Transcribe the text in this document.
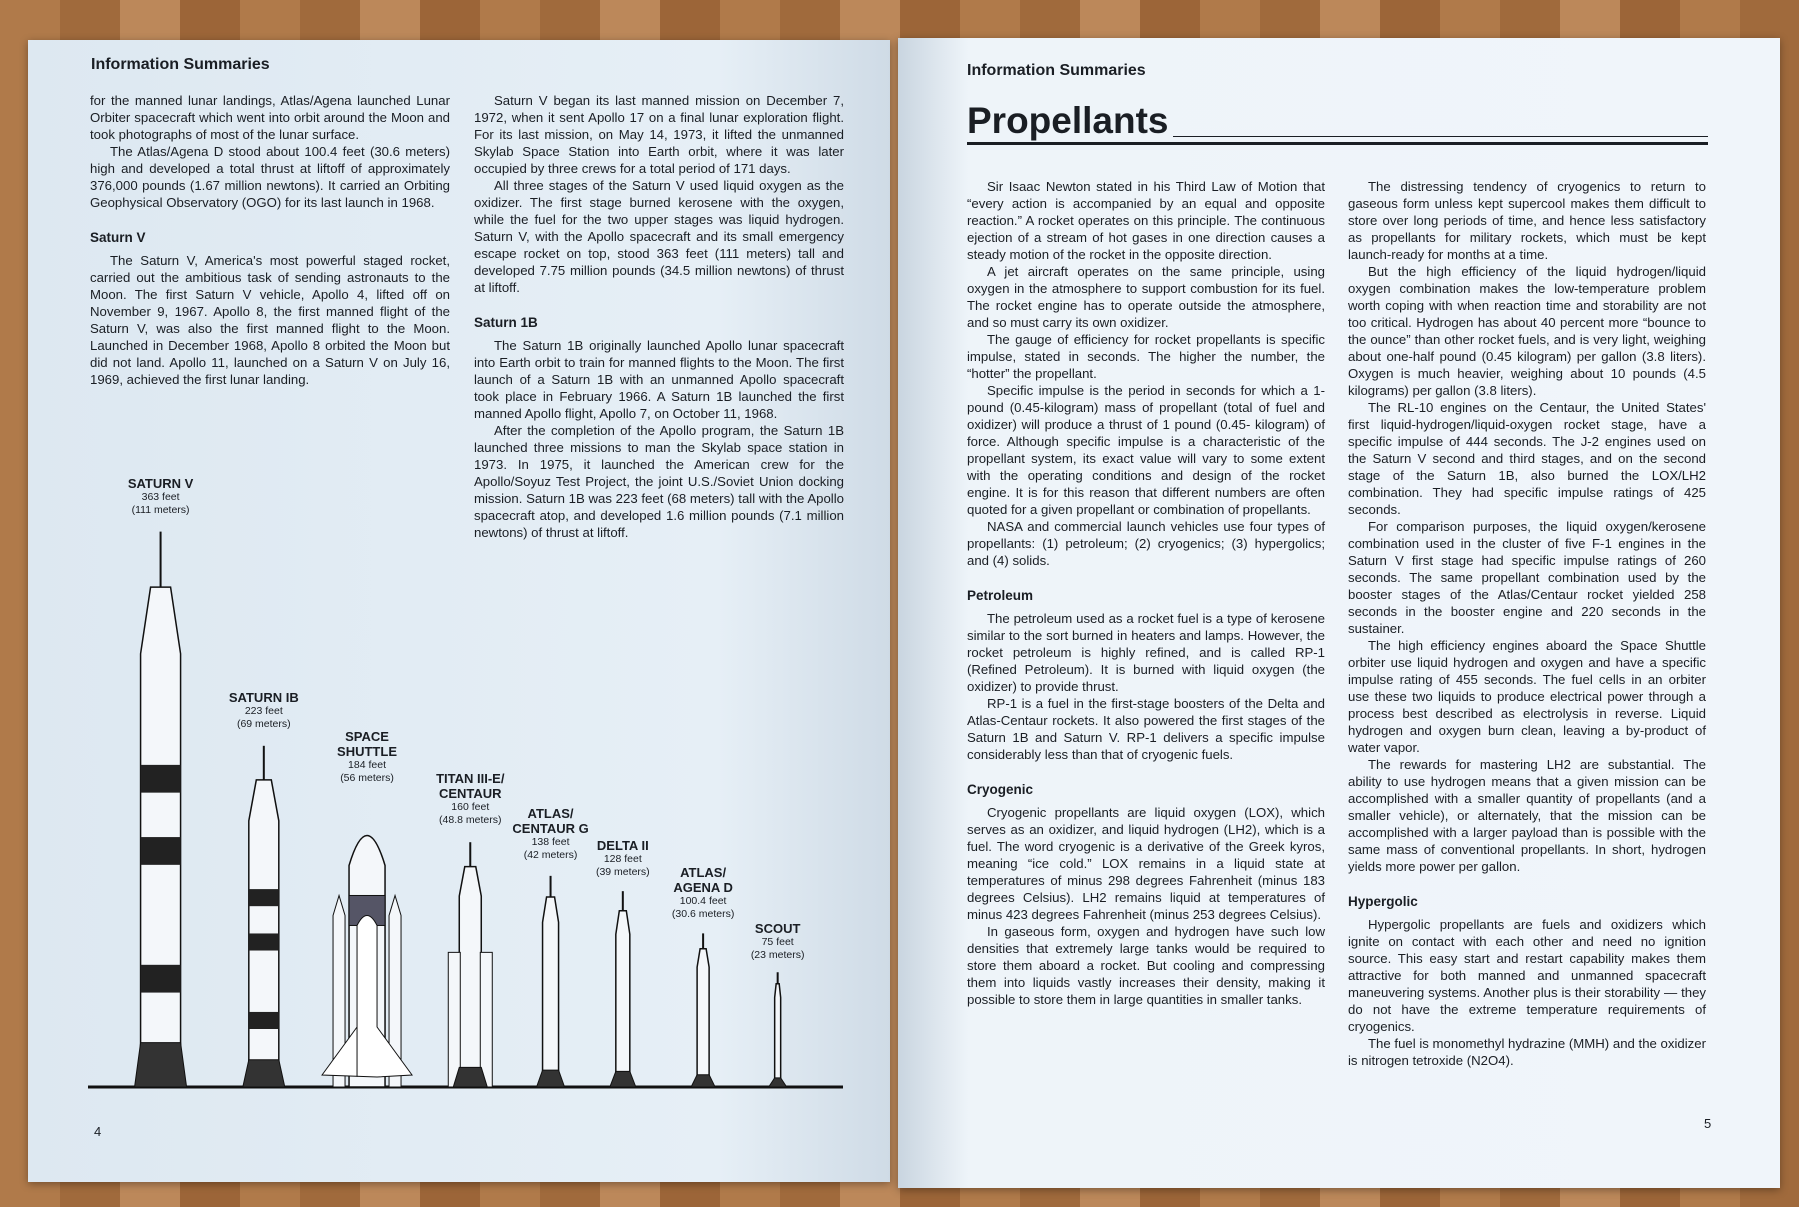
Information Summaries

for the manned lunar landings, Atlas/Agena launched Lunar Orbiter spacecraft which went into orbit around the Moon and took photographs of most of the lunar surface.

The Atlas/Agena D stood about 100.4 feet (30.6 meters) high and developed a total thrust at liftoff of approximately 376,000 pounds (1.67 million newtons). It carried an Orbiting Geophysical Observatory (OGO) for its last launch in 1968.

Saturn V

The Saturn V, America's most powerful staged rocket, carried out the ambitious task of sending astronauts to the Moon. The first Saturn V vehicle, Apollo 4, lifted off on November 9, 1967. Apollo 8, the first manned flight of the Saturn V, was also the first manned flight to the Moon. Launched in December 1968, Apollo 8 orbited the Moon but did not land. Apollo 11, launched on a Saturn V on July 16, 1969, achieved the first lunar landing.

Saturn V began its last manned mission on December 7, 1972, when it sent Apollo 17 on a final lunar exploration flight. For its last mission, on May 14, 1973, it lifted the unmanned Skylab Space Station into Earth orbit, where it was later occupied by three crews for a total period of 171 days.

All three stages of the Saturn V used liquid oxygen as the oxidizer. The first stage burned kerosene with the oxygen, while the fuel for the two upper stages was liquid hydrogen. Saturn V, with the Apollo spacecraft and its small emergency escape rocket on top, stood 363 feet (111 meters) tall and developed 7.75 million pounds (34.5 million newtons) of thrust at liftoff.

Saturn 1B

The Saturn 1B originally launched Apollo lunar spacecraft into Earth orbit to train for manned flights to the Moon. The first launch of a Saturn 1B with an unmanned Apollo spacecraft took place in February 1966. A Saturn 1B launched the first manned Apollo flight, Apollo 7, on October 11, 1968.

After the completion of the Apollo program, the Saturn 1B launched three missions to man the Skylab space station in 1973. In 1975, it launched the American crew for the Apollo/Soyuz Test Project, the joint U.S./Soviet Union docking mission. Saturn 1B was 223 feet (68 meters) tall with the Apollo spacecraft atop, and developed 1.6 million pounds (7.1 million newtons) of thrust at liftoff.

SATURN V
363 feet
(111 meters)
SATURN IB
223 feet
(69 meters)
SPACE SHUTTLE
184 feet
(56 meters)	TITAN III-E/ CENTAUR
160 feet
(48.8 meters)	ATLAS/ CENTAUR G
138 feet
(42 meters)
DELTA II
128 feet
(39 meters)	ATLAS/ AGENA D
100.4 feet
(30.6 meters)
SCOUT
75 feet
(23 meters)
4
Information Summaries
Propellants

Sir Isaac Newton stated in his Third Law of Motion that “every action is accompanied by an equal and opposite reaction.” A rocket operates on this principle. The continuous ejection of a stream of hot gases in one direction causes a steady motion of the rocket in the opposite direction.

A jet aircraft operates on the same principle, using oxygen in the atmosphere to support combustion for its fuel. The rocket engine has to operate outside the atmosphere, and so must carry its own oxidizer.

The gauge of efficiency for rocket propellants is specific impulse, stated in seconds. The higher the number, the “hotter” the propellant.

Specific impulse is the period in seconds for which a 1-pound (0.45-kilogram) mass of propellant (total of fuel and oxidizer) will produce a thrust of 1 pound (0.45- kilogram) of force. Although specific impulse is a characteristic of the propellant system, its exact value will vary to some extent with the operating conditions and design of the rocket engine. It is for this reason that different numbers are often quoted for a given propellant or combination of propellants.

NASA and commercial launch vehicles use four types of propellants: (1) petroleum; (2) cryogenics; (3) hypergolics; and (4) solids.

Petroleum

The petroleum used as a rocket fuel is a type of kerosene similar to the sort burned in heaters and lamps. However, the rocket petroleum is highly refined, and is called RP-1 (Refined Petroleum). It is burned with liquid oxygen (the oxidizer) to provide thrust.

RP-1 is a fuel in the first-stage boosters of the Delta and Atlas-Centaur rockets. It also powered the first stages of the Saturn 1B and Saturn V. RP-1 delivers a specific impulse considerably less than that of cryogenic fuels.

Cryogenic

Cryogenic propellants are liquid oxygen (LOX), which serves as an oxidizer, and liquid hydrogen (LH2), which is a fuel. The word cryogenic is a derivative of the Greek kyros, meaning “ice cold.” LOX remains in a liquid state at temperatures of minus 298 degrees Fahrenheit (minus 183 degrees Celsius). LH2 remains liquid at temperatures of minus 423 degrees Fahrenheit (minus 253 degrees Celsius).

In gaseous form, oxygen and hydrogen have such low densities that extremely large tanks would be required to store them aboard a rocket. But cooling and compressing them into liquids vastly increases their density, making it possible to store them in large quantities in smaller tanks.

The distressing tendency of cryogenics to return to gaseous form unless kept supercool makes them difficult to store over long periods of time, and hence less satisfactory as propellants for military rockets, which must be kept launch-ready for months at a time.

But the high efficiency of the liquid hydrogen/liquid oxygen combination makes the low-temperature problem worth coping with when reaction time and storability are not too critical. Hydrogen has about 40 percent more “bounce to the ounce” than other rocket fuels, and is very light, weighing about one-half pound (0.45 kilogram) per gallon (3.8 liters). Oxygen is much heavier, weighing about 10 pounds (4.5 kilograms) per gallon (3.8 liters).

The RL-10 engines on the Centaur, the United States' first liquid-hydrogen/liquid-oxygen rocket stage, have a specific impulse of 444 seconds. The J-2 engines used on the Saturn V second and third stages, and on the second stage of the Saturn 1B, also burned the LOX/LH2 combination. They had specific impulse ratings of 425 seconds.

For comparison purposes, the liquid oxygen/kerosene combination used in the cluster of five F-1 engines in the Saturn V first stage had specific impulse ratings of 260 seconds. The same propellant combination used by the booster stages of the Atlas/Centaur rocket yielded 258 seconds in the booster engine and 220 seconds in the sustainer.

The high efficiency engines aboard the Space Shuttle orbiter use liquid hydrogen and oxygen and have a specific impulse rating of 455 seconds. The fuel cells in an orbiter use these two liquids to produce electrical power through a process best described as electrolysis in reverse. Liquid hydrogen and oxygen burn clean, leaving a by-product of water vapor.

The rewards for mastering LH2 are substantial. The ability to use hydrogen means that a given mission can be accomplished with a smaller quantity of propellants (and a smaller vehicle), or alternately, that the mission can be accomplished with a larger payload than is possible with the same mass of conventional propellants. In short, hydrogen yields more power per gallon.

Hypergolic

Hypergolic propellants are fuels and oxidizers which ignite on contact with each other and need no ignition source. This easy start and restart capability makes them attractive for both manned and unmanned spacecraft maneuvering systems. Another plus is their storability — they do not have the extreme temperature requirements of cryogenics.

The fuel is monomethyl hydrazine (MMH) and the oxidizer is nitrogen tetroxide (N2O4).

5
